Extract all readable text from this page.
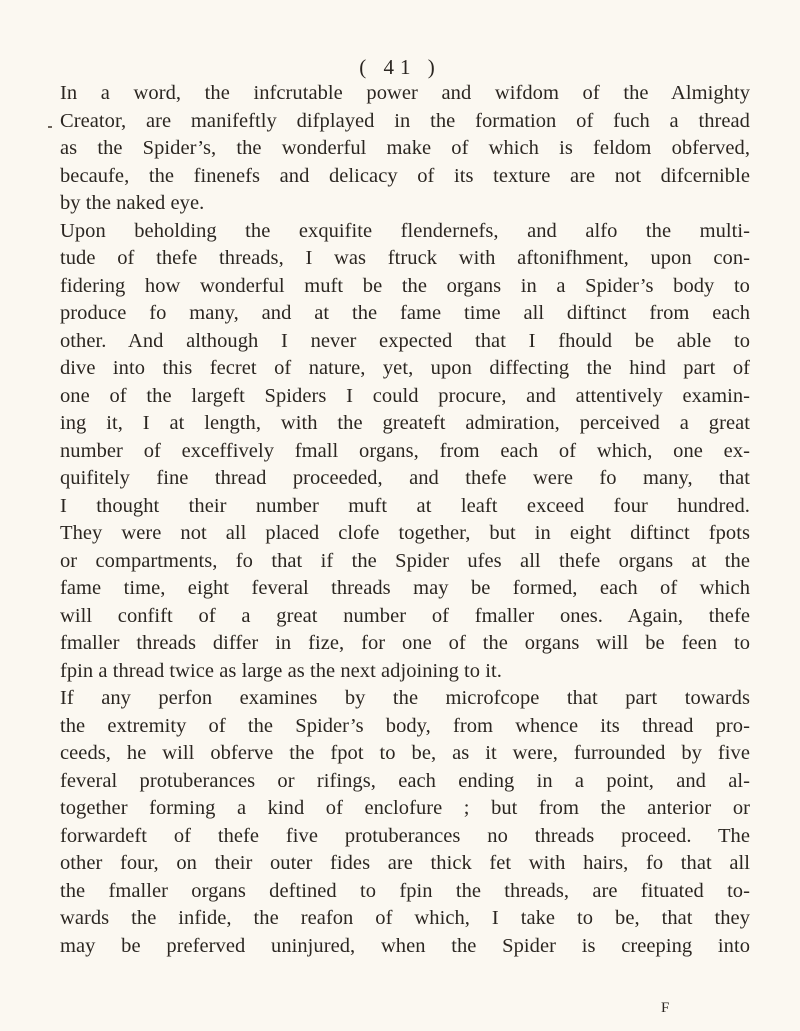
( 41 )
In a word, the infcrutable power and wifdom of the Almighty
Creator, are manifeftly difplayed in the formation of fuch a thread
as the Spider’s, the wonderful make of which is feldom obferved,
becaufe, the finenefs and delicacy of its texture are not difcernible
by the naked eye.
Upon beholding the exquifite flendernefs, and alfo the multi-
tude of thefe threads, I was ftruck with aftonifhment, upon con-
fidering how wonderful muft be the organs in a Spider’s body to
produce fo many, and at the fame time all diftinct from each
other. And although I never expected that I fhould be able to
dive into this fecret of nature, yet, upon diffecting the hind part of
one of the largeft Spiders I could procure, and attentively examin-
ing it, I at length, with the greateft admiration, perceived a great
number of exceffively fmall organs, from each of which, one ex-
quifitely fine thread proceeded, and thefe were fo many, that
I thought their number muft at leaft exceed four hundred.
They were not all placed clofe together, but in eight diftinct fpots
or compartments, fo that if the Spider ufes all thefe organs at the
fame time, eight feveral threads may be formed, each of which
will confift of a great number of fmaller ones. Again, thefe
fmaller threads differ in fize, for one of the organs will be feen to
fpin a thread twice as large as the next adjoining to it.
If any perfon examines by the microfcope that part towards
the extremity of the Spider’s body, from whence its thread pro-
ceeds, he will obferve the fpot to be, as it were, furrounded by five
feveral protuberances or rifings, each ending in a point, and al-
together forming a kind of enclofure ; but from the anterior or
forwardeft of thefe five protuberances no threads proceed. The
other four, on their outer fides are thick fet with hairs, fo that all
the fmaller organs deftined to fpin the threads, are fituated to-
wards the infide, the reafon of which, I take to be, that they
may be preferved uninjured, when the Spider is creeping into
F
